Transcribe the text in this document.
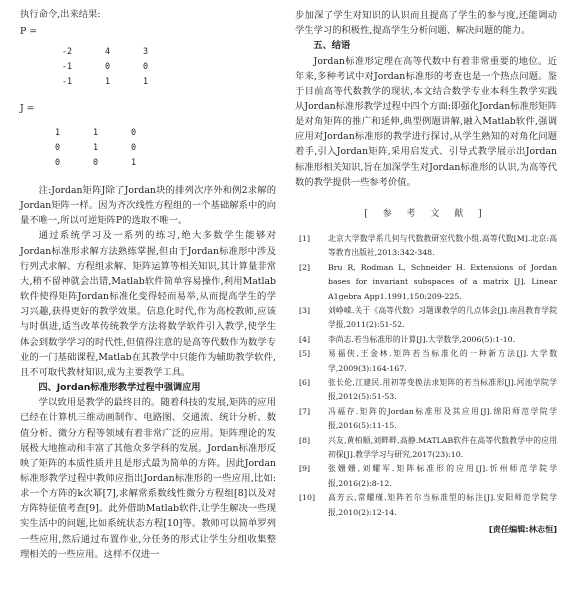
执行命令,出来结果:

P =

-2	4	3
-1	0	0
-1	1	1

J =

1	1	0
0	1	0
0	0	1

注:Jordan矩阵J除了Jordan块的排列次序外和例2求解的Jordan矩阵一样。因为齐次线性方程组的一个基础解系中的向量不唯一,所以可逆矩阵P的选取不唯一。

通过系统学习及一系列的练习,绝大多数学生能够对Jordan标准形求解方法熟练掌握,但由于Jordan标准形中涉及行列式求解、方程组求解、矩阵运算等相关知识,其计算量非常大,稍不留神就会出错,Matlab软件简单容易操作,利用Matlab软件使得矩阵Jordan标准化变得轻而易举,从而提高学生的学习兴趣,获得更好的教学效果。信息化时代,作为高校教师,应该与时俱进,适当改革传统教学方法将数学软件引入教学,使学生体会到数学学习的时代性,但值得注意的是高等代数作为数学专业的一门基础课程,Matlab在其教学中只能作为辅助教学软件,且不可取代教材知识,成为主要教学工具。

四、Jordan标准形教学过程中强调应用

学以致用是教学的最终目的。随着科技的发展,矩阵的应用已经在计算机三维动画制作、电路图、交通流、统计分析、数值分析、微分方程等领域有着非常广泛的应用。矩阵理论的发展极大地推动和丰富了其他众多学科的发展。Jordan标准形反映了矩阵的本质性质并且是形式最为简单的方阵。因此Jordan标准形教学过程中教师应指出Jordan标准形的一些应用,比如:求一个方阵的k次幂[7],求解常系数线性微分方程组[8]以及对方阵特征值考查[9]。此外借助Matlab软件,让学生解决一些现实生活中的问题,比如系统状态方程[10]等。教师可以简单罗列一些应用,然后通过布置作业,分任务的形式让学生分组收集整理相关的一些应用。这样不仅进一

步加深了学生对知识的认识而且提高了学生的参与度,还能调动学生学习的积极性,提高学生分析问题、解决问题的能力。

五、结语

Jordan标准形定理在高等代数中有着非常重要的地位。近年来,多种考试中对Jordan标准形的考查也是一个热点问题。鉴于目前高等代数教学的现状,本文结合数学专业本科生教学实践从Jordan标准形教学过程中四个方面:即强化Jordan标准形矩阵是对角矩阵的推广和延伸,典型例题讲解,融入Matlab软件,强调应用对Jordan标准形的教学进行探讨,从学生熟知的对角化问题着手,引入Jordan矩阵,采用启发式、引导式教学展示出Jordan标准形相关知识,旨在加深学生对Jordan标准形的认识,为高等代数的教学提供一些参考价值。

[ 参 考 文 献 ]
[1] 北京大学数学系几何与代数教研室代数小组.高等代数[M].北京:高等教育出版社,2013:342-348.
[2] Bru R, Rodman L, Schneider H. Extensions of Jordan bases for invariant subspaces of a matrix [J]. Linear A1gebra App1.1991,150:209-225.
[3] 刘峥嵘.关于《高等代数》习题课教学的几点体会[J].南昌教育学院学报,2011(2):51-52.
[4] 李尚志.若当标准形的计算[J].大学数学,2006(5):1-10.
[5] 易福侠,王金林.矩阵若当标准化的一种新方法[J].大学数学,2009(3):164-167.
[6] 张长伦,江建民.用初等变换法求矩阵的若当标准形[J].河池学院学报,2012(5):51-53.
[7] 冯福存.矩阵的Jordan标准形及其应用[J].绵阳师范学院学报,2016(5):11-15.
[8] 兴友,黄柏顺,刘畔畔,高静.MATLAB软件在高等代数教学中的应用初探[J].教学学习与研究,2017(23):10.
[9] 张姗姗,刘耀军.矩阵标准形的应用[J].忻州师范学院学报,2016(2):8-12.
[10] 高芳云,常耀瑾.矩阵若尔当标准型的标注[J].安阳师范学院学报,2010(2):12-14.
[责任编辑:林志恒]
